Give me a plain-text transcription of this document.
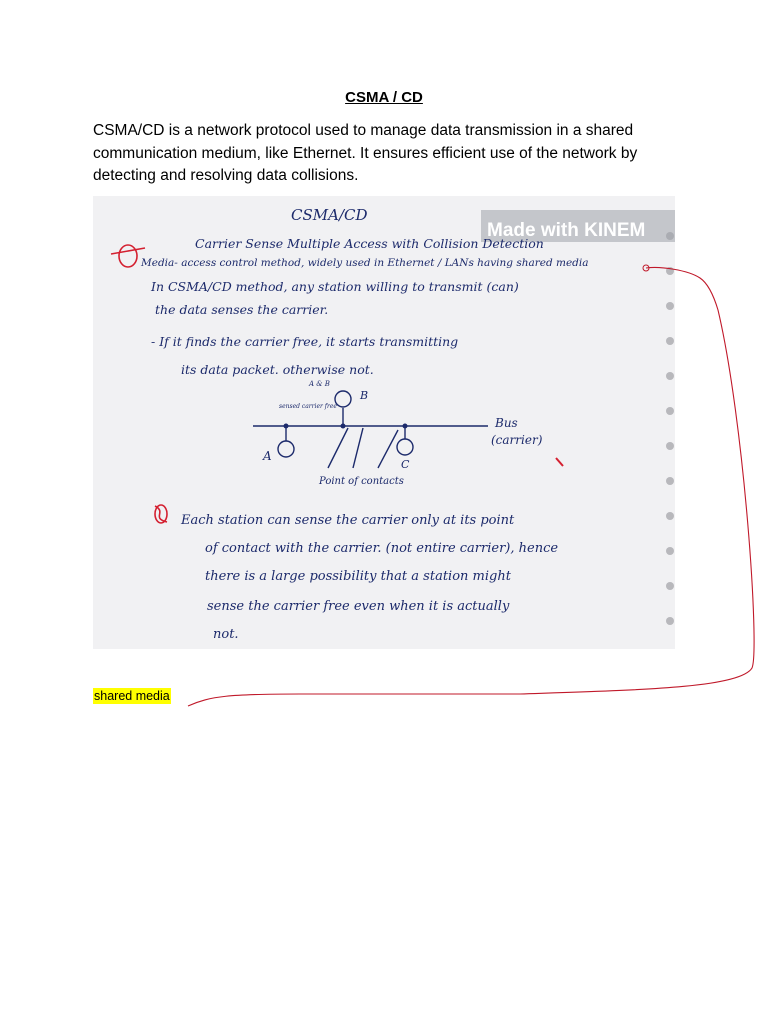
CSMA / CD
CSMA/CD is a network protocol used to manage data transmission in a shared communication medium, like Ethernet. It ensures efficient use of the network by detecting and resolving data collisions.
Made with KINEM
CSMA/CD
Carrier Sense Multiple Access with Collision Detection
Media- access control method, widely used in Ethernet / LANs having shared media
In CSMA/CD method, any station willing to transmit (can)
the data senses the carrier.
- If it finds the carrier free, it starts transmitting
its data packet. otherwise not.
Bus
(carrier)
A
B
C
A & B
sensed carrier free
Point of contacts
Each station can sense the carrier only at its point
of contact with the carrier. (not entire carrier), hence
there is a large possibility that a station might
sense the carrier free even when it is actually
not.
shared media
